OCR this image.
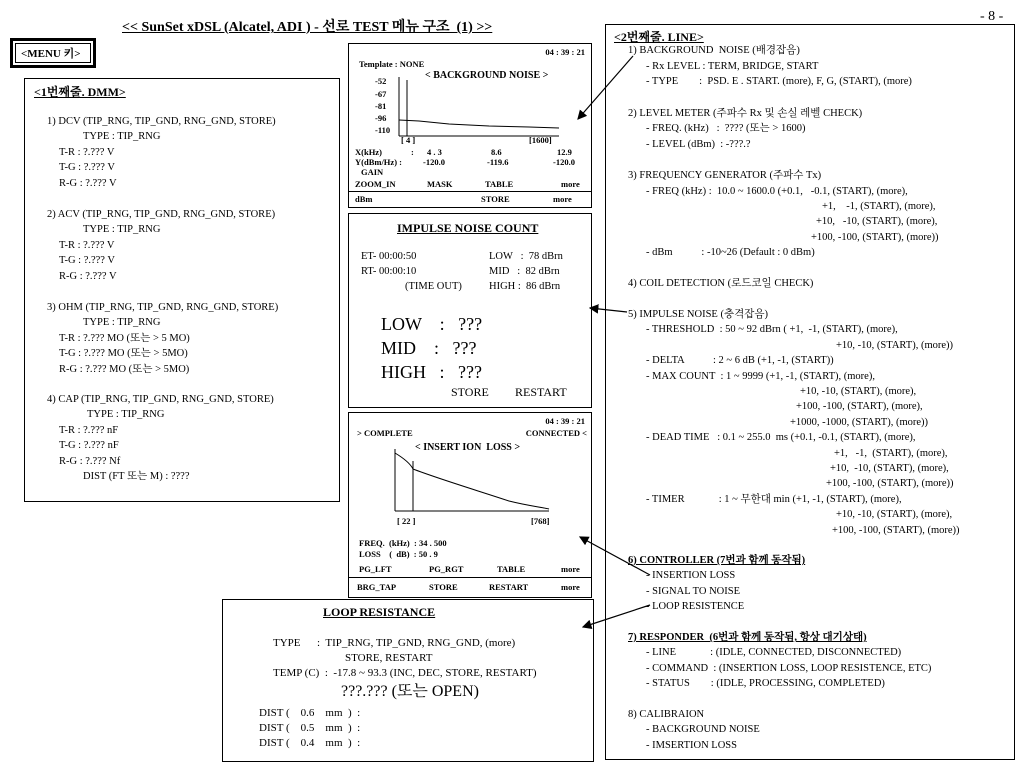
<< SunSet xDSL (Alcatel, ADI ) - 선로 TEST 메뉴 구조  (1) >>
- 8 -
<MENU 키>
<1번째줄. DMM>
1) DCV (TIP_RNG, TIP_GND, RNG_GND, STORE)
TYPE : TIP_RNG
T-R : ?.??? V
T-G : ?.??? V
R-G : ?.??? V
2) ACV (TIP_RNG, TIP_GND, RNG_GND, STORE)
TYPE : TIP_RNG
T-R : ?.??? V
T-G : ?.??? V
R-G : ?.??? V
3) OHM (TIP_RNG, TIP_GND, RNG_GND, STORE)
TYPE : TIP_RNG
T-R : ?.??? MO (또는 > 5 MO)
T-G : ?.??? MO (또는 > 5MO)
R-G : ?.??? MO (또는 > 5MO)
4) CAP (TIP_RNG, TIP_GND, RNG_GND, STORE)
TYPE : TIP_RNG
T-R : ?.??? nF
T-G : ?.??? nF
R-G : ?.??? Nf
DIST (FT 또는 M) : ????
04 : 39 : 21
Template : NONE
< BACKGROUND NOISE >
-52
-67
-81
-96
-110
[ 4 ]	[1600]
X(kHz)	: 4 . 3	8.6	12.9
Y(dBm/Hz) : -120.0	-119.6	-120.0
GAIN
ZOOM_IN	MASK	TABLE	more
dBm	STORE	more
IMPULSE NOISE COUNT
ET- 00:00:50
RT- 00:00:10
(TIME OUT)
LOW   :  78 dBrn
MID   :  82 dBrn
HIGH :  86 dBrn
LOW    :   ???
MID    :   ???
HIGH   :   ???
STORE RESTART
04 : 39 : 21
> COMPLETE	CONNECTED <
< INSERT ION  LOSS >
[ 22 ]	[768]
FREQ.  (kHz)  : 34 . 500
LOSS    (  dB)  : 50 . 9
PG_LFT	PG_RGT	TABLE	more
BRG_TAP	STORE	RESTART	more
LOOP RESISTANCE
TYPE      :  TIP_RNG, TIP_GND, RNG_GND, (more)
STORE, RESTART
TEMP (C)  :  -17.8 ~ 93.3 (INC, DEC, STORE, RESTART)
???.??? (또는 OPEN)
DIST (    0.6    mm  )  :
DIST (    0.5    mm  )  :
DIST (    0.4    mm  )  :
<2번째줄. LINE>
1) BACKGROUND  NOISE (배경잡음)
- Rx LEVEL : TERM, BRIDGE, START
- TYPE        :  PSD. E . START. (more), F, G, (START), (more)
2) LEVEL METER (주파수 Rx 및 손실 레벨 CHECK)
- FREQ. (kHz)   :  ???? (또는 > 1600)
- LEVEL (dBm)  : -???.?
3) FREQUENCY GENERATOR (주파수 Tx)
- FREQ (kHz) :  10.0 ~ 1600.0 (+0.1,   -0.1, (START), (more),
+1,    -1, (START), (more),
+10,   -10, (START), (more),
+100, -100, (START), (more))
- dBm           : -10~26 (Default : 0 dBm)
4) COIL DETECTION (로드코일 CHECK)
5) IMPULSE NOISE (충격잡음)
- THRESHOLD  : 50 ~ 92 dBrn ( +1,  -1, (START), (more),
+10, -10, (START), (more))
- DELTA           : 2 ~ 6 dB (+1, -1, (START))
- MAX COUNT  : 1 ~ 9999 (+1, -1, (START), (more),
+10, -10, (START), (more),
+100, -100, (START), (more),
+1000, -1000, (START), (more))
- DEAD TIME   : 0.1 ~ 255.0  ms (+0.1, -0.1, (START), (more),
+1,   -1,  (START), (more),
+10,  -10, (START), (more),
+100, -100, (START), (more))
- TIMER             : 1 ~ 무한대 min (+1, -1, (START), (more),
+10, -10, (START), (more),
+100, -100, (START), (more))
6) CONTROLLER (7번과 함께 동작됨)
- INSERTION LOSS
- SIGNAL TO NOISE
- LOOP RESISTENCE
7) RESPONDER  (6번과 함께 동작됨, 항상 대기상태)
- LINE             : (IDLE, CONNECTED, DISCONNECTED)
- COMMAND  : (INSERTION LOSS, LOOP RESISTENCE, ETC)
- STATUS        : (IDLE, PROCESSING, COMPLETED)
8) CALIBRAION
- BACKGROUND NOISE
- IMSERTION LOSS
